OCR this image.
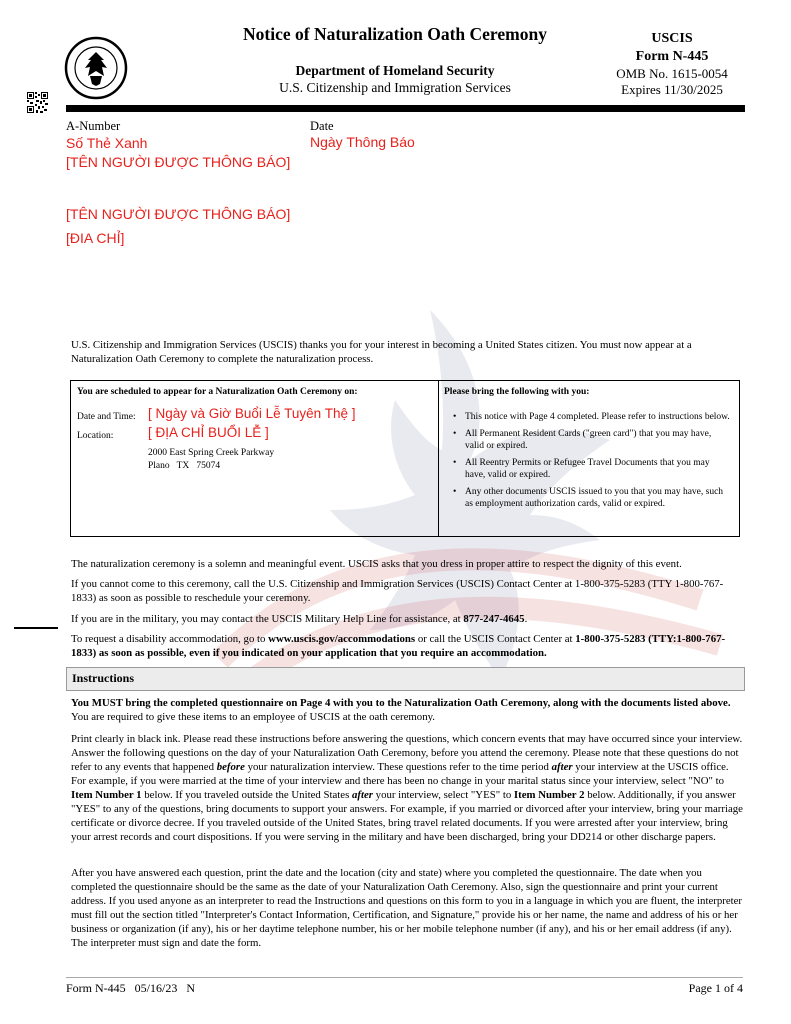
Notice of Naturalization Oath Ceremony
Department of Homeland Security
U.S. Citizenship and Immigration Services
USCIS
Form N-445
OMB No. 1615-0054
Expires 11/30/2025
A-Number
Số Thẻ Xanh
Date
Ngày Thông Báo
[TÊN NGƯỜI ĐƯỢC THÔNG BÁO]
[TÊN NGƯỜI ĐƯỢC THÔNG BÁO]
[ĐIA CHỈ]
U.S. Citizenship and Immigration Services (USCIS) thanks you for your interest in becoming a United States citizen. You must now appear at a Naturalization Oath Ceremony to complete the naturalization process.
You are scheduled to appear for a Naturalization Oath Ceremony on:
Date and Time: [ Ngày và Giờ Buổi Lễ Tuyên Thệ ]
Location:	[ ĐỊA CHỈ BUỔI LỄ ]
2000 East Spring Creek Parkway
Plano   TX   75074
Please bring the following with you:
• This notice with Page 4 completed. Please refer to instructions below.
• All Permanent Resident Cards ("green card") that you may have, valid or expired.
• All Reentry Permits or Refugee Travel Documents that you may have, valid or expired.
• Any other documents USCIS issued to you that you may have, such as employment authorization cards, valid or expired.
The naturalization ceremony is a solemn and meaningful event. USCIS asks that you dress in proper attire to respect the dignity of this event.
If you cannot come to this ceremony, call the U.S. Citizenship and Immigration Services (USCIS) Contact Center at 1-800-375-5283 (TTY 1-800-767-1833) as soon as possible to reschedule your ceremony.
If you are in the military, you may contact the USCIS Military Help Line for assistance, at 877-247-4645.
To request a disability accommodation, go to www.uscis.gov/accommodations or call the USCIS Contact Center at 1-800-375-5283 (TTY:1-800-767-1833) as soon as possible, even if you indicated on your application that you require an accommodation.
Instructions
You MUST bring the completed questionnaire on Page 4 with you to the Naturalization Oath Ceremony, along with the documents listed above. You are required to give these items to an employee of USCIS at the oath ceremony.
Print clearly in black ink. Please read these instructions before answering the questions, which concern events that may have occurred since your interview. Answer the following questions on the day of your Naturalization Oath Ceremony, before you attend the ceremony. Please note that these questions do not refer to any events that happened before your naturalization interview. These questions refer to the time period after your interview at the USCIS office. For example, if you were married at the time of your interview and there has been no change in your marital status since your interview, select "NO" to Item Number 1 below. If you traveled outside the United States after your interview, select "YES" to Item Number 2 below. Additionally, if you answer "YES" to any of the questions, bring documents to support your answers. For example, if you married or divorced after your interview, bring your marriage certificate or divorce decree. If you traveled outside of the United States, bring travel related documents. If you were arrested after your interview, bring your arrest records and court dispositions. If you were serving in the military and have been discharged, bring your DD214 or other discharge papers.
After you have answered each question, print the date and the location (city and state) where you completed the questionnaire. The date when you completed the questionnaire should be the same as the date of your Naturalization Oath Ceremony. Also, sign the questionnaire and print your current address. If you used anyone as an interpreter to read the Instructions and questions on this form to you in a language in which you are fluent, the interpreter must fill out the section titled "Interpreter's Contact Information, Certification, and Signature," provide his or her name, the name and address of his or her business or organization (if any), his or her daytime telephone number, his or her mobile telephone number (if any), and his or her email address (if any). The interpreter must sign and date the form.
Form N-445   05/16/23   N	Page 1 of 4
